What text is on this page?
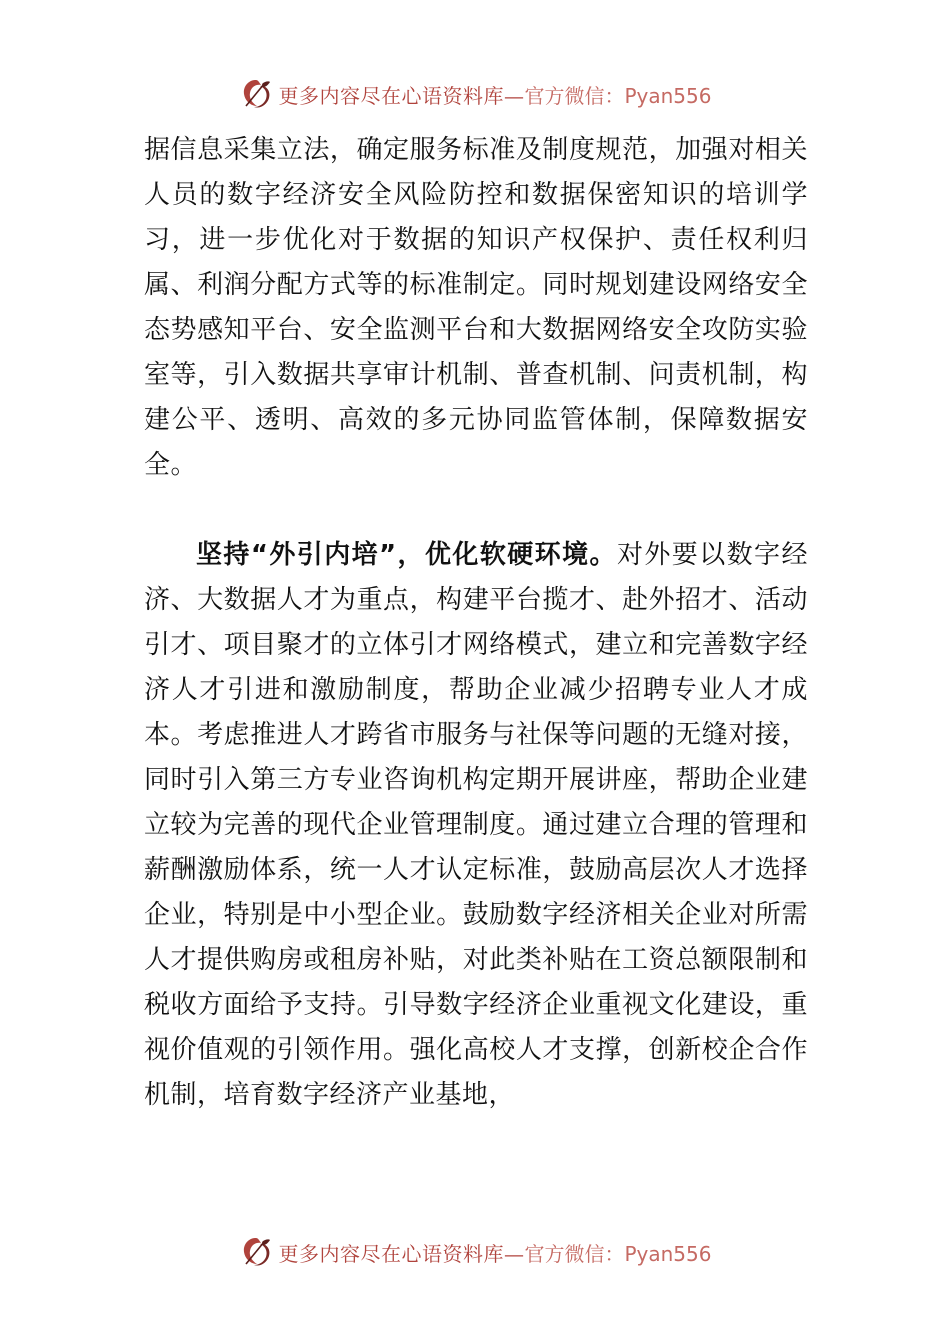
更多内容尽在心语资料库— 官方微信：Pyan556

据信息采集立法，确定服务标准及制度规范，加强对相关人员的数字经济安全风险防控和数据保密知识的培训学习，进一步优化对于数据的知识产权保护、责任权利归属、利润分配方式等的标准制定。同时规划建设网络安全态势感知平台、安全监测平台和大数据网络安全攻防实验室等，引入数据共享审计机制、普查机制、问责机制，构建公平、透明、高效的多元协同监管体制，保障数据安全。

坚持“外引内培”，优化软硬环境。对外要以数字经济、大数据人才为重点，构建平台揽才、赴外招才、活动引才、项目聚才的立体引才网络模式，建立和完善数字经济人才引进和激励制度，帮助企业减少招聘专业人才成本。考虑推进人才跨省市服务与社保等问题的无缝对接，同时引入第三方专业咨询机构定期开展讲座，帮助企业建立较为完善的现代企业管理制度。通过建立合理的管理和薪酬激励体系，统一人才认定标准，鼓励高层次人才选择企业，特别是中小型企业。鼓励数字经济相关企业对所需人才提供购房或租房补贴，对此类补贴在工资总额限制和税收方面给予支持。引导数字经济企业重视文化建设，重视价值观的引领作用。强化高校人才支撑，创新校企合作机制，培育数字经济产业基地，

更多内容尽在心语资料库— 官方微信：Pyan556
